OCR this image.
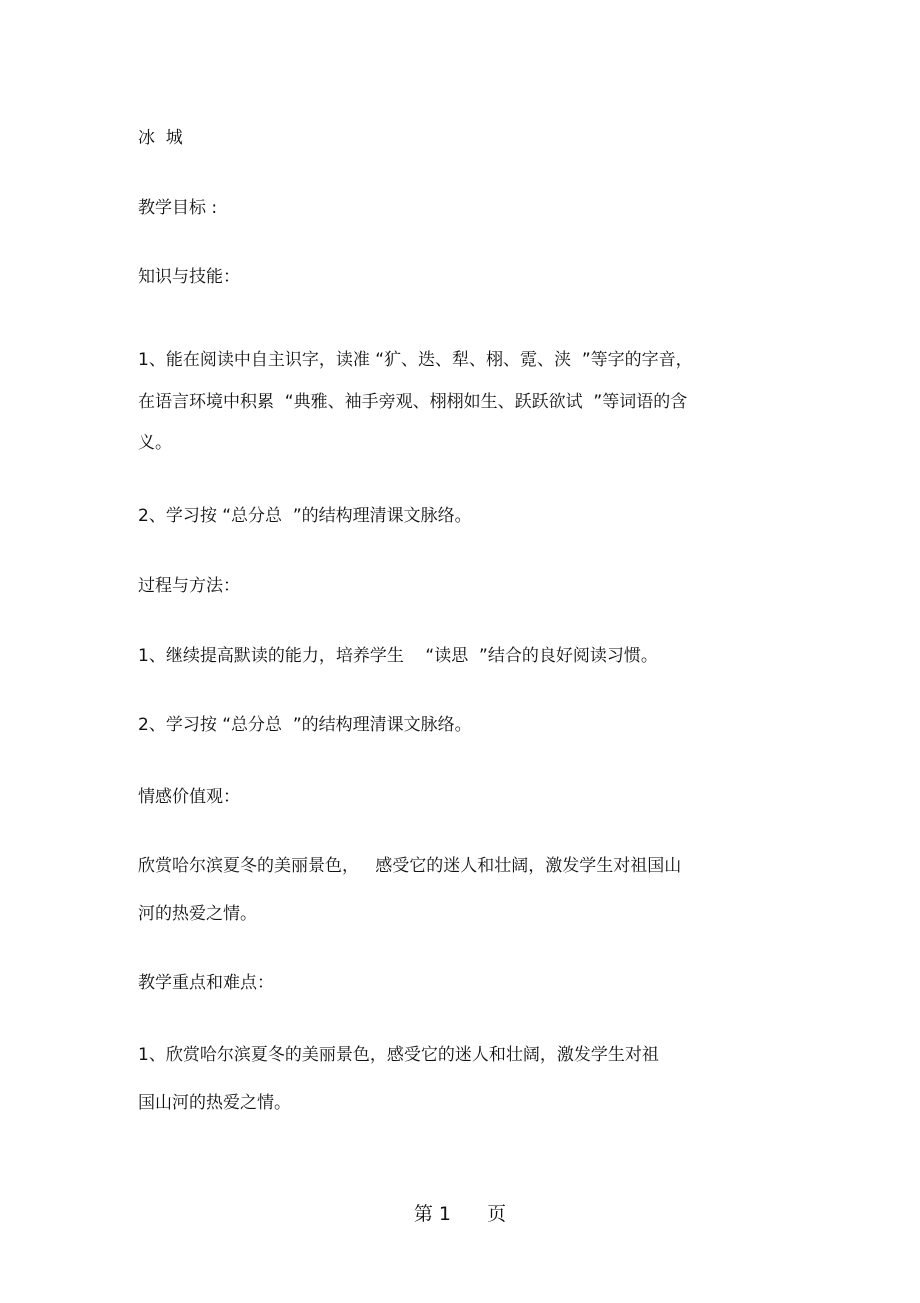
冰  城

教学目标 :

知识与技能：

1、能在阅读中自主识字，读准 “犷、迭、犁、栩、霓、浃  ”等字的字音，

在语言环境中积累  “典雅、袖手旁观、栩栩如生、跃跃欲试  ”等词语的含

义。

2、学习按 “总分总  ”的结构理清课文脉络。

过程与方法：

1、继续提高默读的能力，培养学生    “读思  ”结合的良好阅读习惯。

2、学习按 “总分总  ”的结构理清课文脉络。

情感价值观：

欣赏哈尔滨夏冬的美丽景色，   感受它的迷人和壮阔，激发学生对祖国山

河的热爱之情。

教学重点和难点：

1、欣赏哈尔滨夏冬的美丽景色，感受它的迷人和壮阔，激发学生对祖

国山河的热爱之情。

第 1      页
